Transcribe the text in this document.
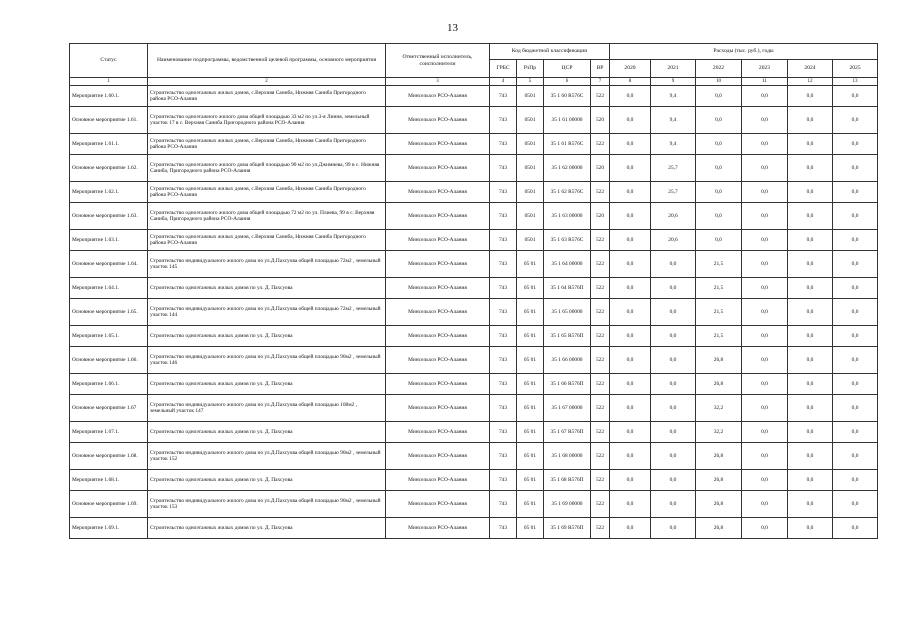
13
Статус	Наименование подпрограммы, ведомственной целевой программы, основного мероприятия	Ответственный исполнитель, соисполнители	Код бюджетной классификации				Расходы (тыс. руб.), годы					
			ГРБС	РзПр	ЦСР	ВР	2020	2021	2022	2023	2024	2025
1	2	3	4	5	6	7	8	9	10	11	12	13
Мероприятие 1.60.1.	Строительство одноэтажных жилых домов, с.Верхняя Саниба, Нижняя Саниба Пригородного района РСО-Алания	Минсельхоз РСО-Алания	743	0501	35 1 60 R576C	522	0,0	9,4	0,0	0,0	0,0	0,0
Основное мероприятие 1.61.	Строительство одноэтажного жилого дома общей площадью 33 м2 по ул.3-я Линия, земельный участок 17 в с. Верхняя Саниба Пригородного района РСО-Алания	Минсельхоз РСО-Алания	743	0501	35 1 61 00000	520	0,0	9,4	0,0	0,0	0,0	0,0
Мероприятие 1.61.1.	Строительство одноэтажных жилых домов, с.Верхняя Саниба, Нижняя Саниба Пригородного района РСО-Алания	Минсельхоз РСО-Алания	743	0501	35 1 61 R576C	522	0,0	9,4	0,0	0,0	0,0	0,0
Основное мероприятие 1.62.	Строительство одноэтажного жилого дома общей площадью 90 м2 по ул.Джимиева, 99 в с. Нижняя Саниба, Пригородного района РСО-Алания	Минсельхоз РСО-Алания	743	0501	35 1 62 00000	520	0,0	25,7	0,0	0,0	0,0	0,0
Мероприятие 1.62.1.	Строительство одноэтажных жилых домов, с.Верхняя Саниба, Нижняя Саниба Пригородного района РСО-Алания	Минсельхоз РСО-Алания	743	0501	35 1 62 R576C	522	0,0	25,7	0,0	0,0	0,0	0,0
Основное мероприятие 1.63.	Строительство одноэтажного жилого дома общей площадью 72 м2 по ул. Плиева, 99 в с. Верхняя Саниба, Пригородного района РСО-Алания	Минсельхоз РСО-Алания	743	0501	35 1 63 00000	520	0,0	20,6	0,0	0,0	0,0	0,0
Мероприятие 1.63.1.	Строительство одноэтажных жилых домов, с.Верхняя Саниба, Нижняя Саниба Пригородного района РСО-Алания	Минсельхоз РСО-Алания	743	0501	35 1 63 R576C	522	0,0	20,6	0,0	0,0	0,0	0,0
Основное мероприятие 1.64.	Строительство индивидуального жилого дома по ул.Д.Пахсуова общей площадью 72м2 , земельный участок 145	Минсельхоз РСО-Алания	743	05 01	35 1 64 00000	522	0,0	0,0	21,5	0,0	0,0	0,0
Мероприятие 1.64.1.	Строительство одноэтажных жилых домов по ул. Д. Пахсуова	Минсельхоз РСО-Алания	743	05 01	35 1 64 R576П	522	0,0	0,0	21,5	0,0	0,0	0,0
Основное мероприятие 1.65.	Строительство индивидуального жилого дома по ул.Д.Пахсуова общей площадью 72м2 , земельный участок 144	Минсельхоз РСО-Алания	743	05 01	35 1 65 00000	522	0,0	0,0	21,5	0,0	0,0	0,0
Мероприятие 1.65.1.	Строительство одноэтажных жилых домов по ул. Д. Пахсуова	Минсельхоз РСО-Алания	743	05 01	35 1 65 R576П	522	0,0	0,0	21,5	0,0	0,0	0,0
Основное мероприятие 1.66.	Строительство индивидуального жилого дома по ул.Д.Пахсуова общей площадью 90м2 , земельный участок 146	Минсельхоз РСО-Алания	743	05 01	35 1 66 00000	522	0,0	0,0	26,8	0,0	0,0	0,0
Мероприятие 1.66.1.	Строительство одноэтажных жилых домов по ул. Д. Пахсуова	Минсельхоз РСО-Алания	743	05 01	35 1 66 R576П	522	0,0	0,0	26,8	0,0	0,0	0,0
Основное мероприятие 1.67	Строительство индивидуального жилого дома по ул.Д.Пахсуова общей площадью 108м2 , земельный участок 147	Минсельхоз РСО-Алания	743	05 01	35 1 67 00000	522	0,0	0,0	32,2	0,0	0,0	0,0
Мероприятие 1.67.1.	Строительство одноэтажных жилых домов по ул. Д. Пахсуова	Минсельхоз РСО-Алания	743	05 01	35 1 67 R576П	522	0,0	0,0	32,2	0,0	0,0	0,0
Основное мероприятие 1.68.	Строительство индивидуального жилого дома по ул.Д.Пахсуова общей площадью 90м2 , земельный участок 152	Минсельхоз РСО-Алания	743	05 01	35 1 68 00000	522	0,0	0,0	26,8	0,0	0,0	0,0
Мероприятие 1.68.1.	Строительство одноэтажных жилых домов по ул. Д. Пахсуова	Минсельхоз РСО-Алания	743	05 01	35 1 68 R576П	522	0,0	0,0	26,8	0,0	0,0	0,0
Основное мероприятие 1.69.	Строительство индивидуального жилого дома по ул.Д.Пахсуова общей площадью 90м2 , земельный участок 153	Минсельхоз РСО-Алания	743	05 01	35 1 69 00000	522	0,0	0,0	26,8	0,0	0,0	0,0
Мероприятие 1.69.1.	Строительство одноэтажных жилых домов по ул. Д. Пахсуова	Минсельхоз РСО-Алания	743	05 01	35 1 69 R576П	522	0,0	0,0	26,8	0,0	0,0	0,0
